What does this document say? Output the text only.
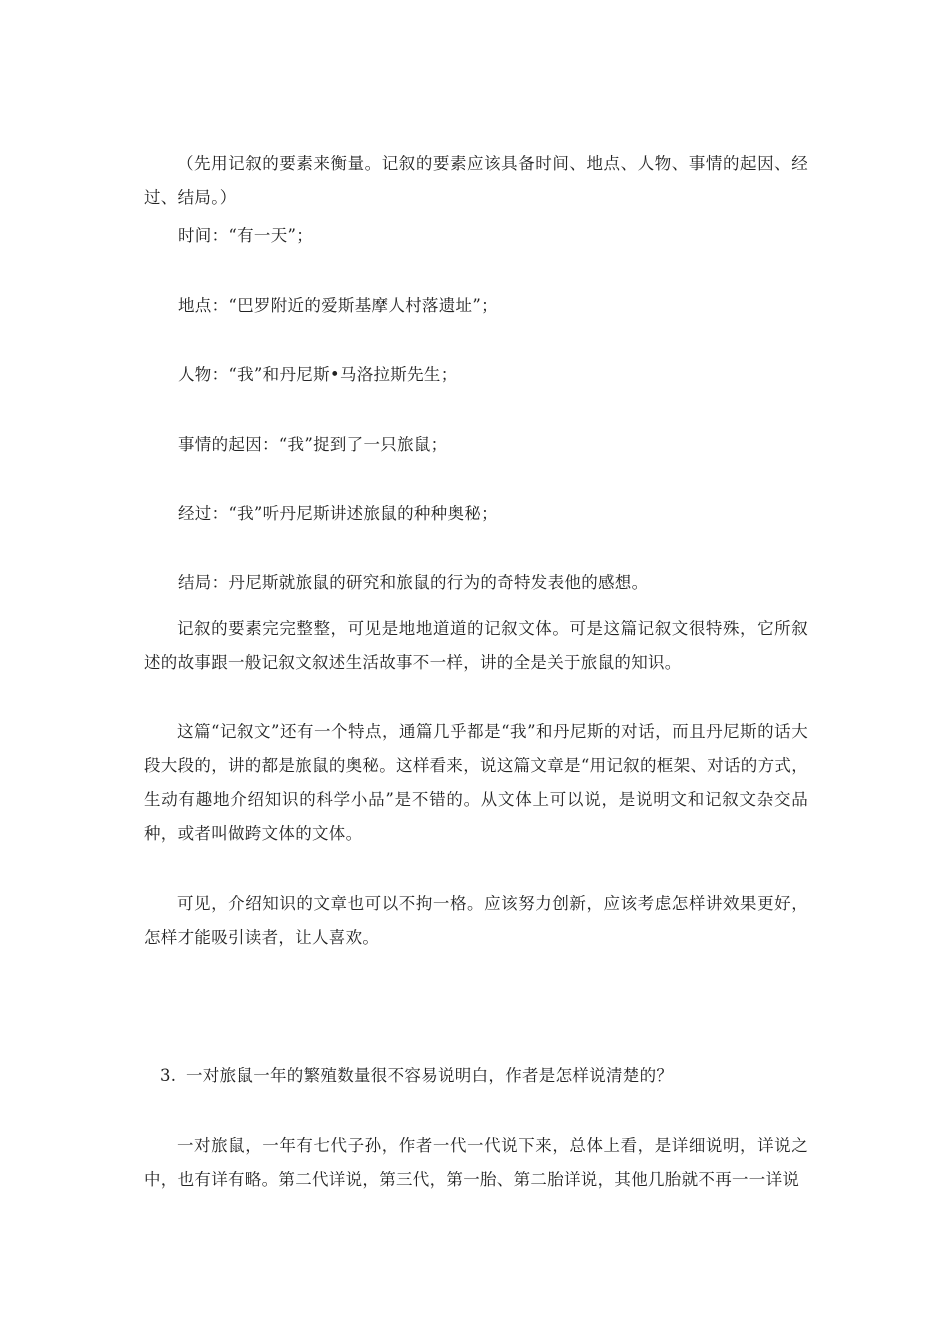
（先用记叙的要素来衡量。记叙的要素应该具备时间、地点、人物、事情的起因、经过、结局。）

时间：“有一天”；

地点：“巴罗附近的爱斯基摩人村落遗址”；

人物：“我”和丹尼斯•马洛拉斯先生；

事情的起因：“我”捉到了一只旅鼠；

经过：“我”听丹尼斯讲述旅鼠的种种奥秘；

结局：丹尼斯就旅鼠的研究和旅鼠的行为的奇特发表他的感想。

记叙的要素完完整整，可见是地地道道的记叙文体。可是这篇记叙文很特殊，它所叙述的故事跟一般记叙文叙述生活故事不一样，讲的全是关于旅鼠的知识。

这篇“记叙文”还有一个特点，通篇几乎都是“我”和丹尼斯的对话，而且丹尼斯的话大段大段的，讲的都是旅鼠的奥秘。这样看来，说这篇文章是“用记叙的框架、对话的方式，生动有趣地介绍知识的科学小品”是不错的。从文体上可以说，是说明文和记叙文杂交品种，或者叫做跨文体的文体。

可见，介绍知识的文章也可以不拘一格。应该努力创新，应该考虑怎样讲效果更好，怎样才能吸引读者，让人喜欢。

3. 一对旅鼠一年的繁殖数量很不容易说明白，作者是怎样说清楚的？

一对旅鼠，一年有七代子孙，作者一代一代说下来，总体上看，是详细说明，详说之中，也有详有略。第二代详说，第三代，第一胎、第二胎详说，其他几胎就不再一一详说
